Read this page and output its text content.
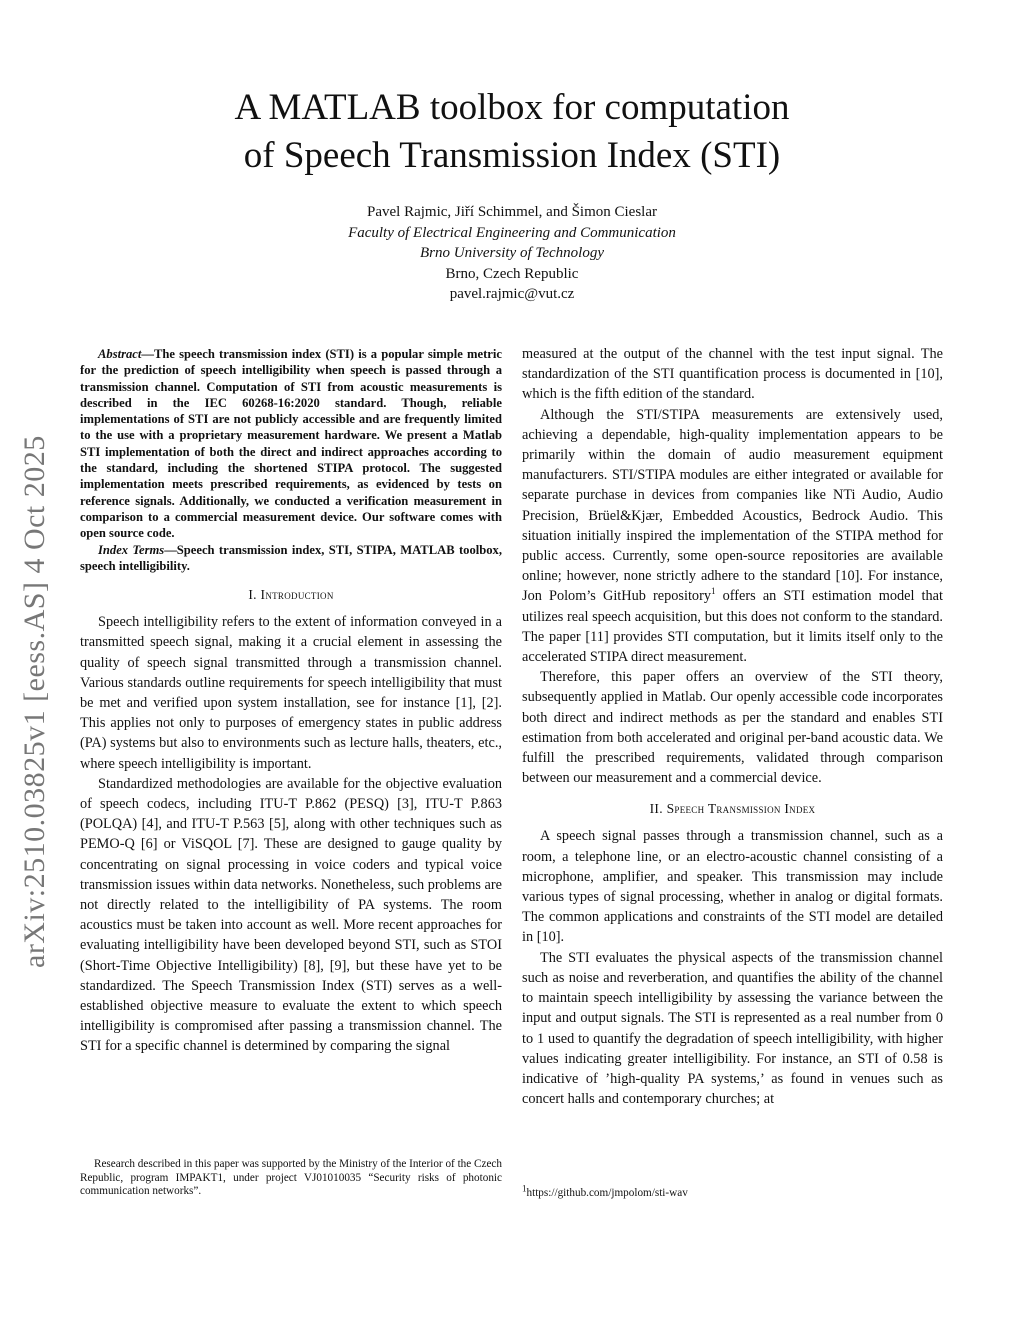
arXiv:2510.03825v1 [eess.AS] 4 Oct 2025
A MATLAB toolbox for computation
of Speech Transmission Index (STI)
Pavel Rajmic, Jiří Schimmel, and Šimon Cieslar
Faculty of Electrical Engineering and Communication
Brno University of Technology
Brno, Czech Republic
pavel.rajmic@vut.cz

Abstract—The speech transmission index (STI) is a popular simple metric for the prediction of speech intelligibility when speech is passed through a transmission channel. Computation of STI from acoustic measurements is described in the IEC 60268-16:2020 standard. Though, reliable implementations of STI are not publicly accessible and are frequently limited to the use with a proprietary measurement hardware. We present a Matlab STI implementation of both the direct and indirect approaches according to the standard, including the shortened STIPA protocol. The suggested implementation meets prescribed requirements, as evidenced by tests on reference signals. Additionally, we conducted a verification measurement in comparison to a commercial measurement device. Our software comes with open source code.

Index Terms—Speech transmission index, STI, STIPA, MATLAB toolbox, speech intelligibility.

I. Introduction

Speech intelligibility refers to the extent of information conveyed in a transmitted speech signal, making it a crucial element in assessing the quality of speech signal transmitted through a transmission channel. Various standards outline requirements for speech intelligibility that must be met and verified upon system installation, see for instance [1], [2]. This applies not only to purposes of emergency states in public address (PA) systems but also to environments such as lecture halls, theaters, etc., where speech intelligibility is important.

Standardized methodologies are available for the objective evaluation of speech codecs, including ITU-T P.862 (PESQ) [3], ITU-T P.863 (POLQA) [4], and ITU-T P.563 [5], along with other techniques such as PEMO-Q [6] or ViSQOL [7]. These are designed to gauge quality by concentrating on signal processing in voice coders and typical voice transmission issues within data networks. Nonetheless, such problems are not directly related to the intelligibility of PA systems. The room acoustics must be taken into account as well. More recent approaches for evaluating intelligibility have been developed beyond STI, such as STOI (Short-Time Objective Intelligibility) [8], [9], but these have yet to be standardized. The Speech Transmission Index (STI) serves as a well-established objective measure to evaluate the extent to which speech intelligibility is compromised after passing a transmission channel. The STI for a specific channel is determined by comparing the signal

Research described in this paper was supported by the Ministry of the Interior of the Czech Republic, program IMPAKT1, under project VJ01010035 “Security risks of photonic communication networks”.

measured at the output of the channel with the test input signal. The standardization of the STI quantification process is documented in [10], which is the fifth edition of the standard.

Although the STI/STIPA measurements are extensively used, achieving a dependable, high-quality implementation appears to be primarily within the domain of audio measurement equipment manufacturers. STI/STIPA modules are either integrated or available for separate purchase in devices from companies like NTi Audio, Audio Precision, Brüel&Kjær, Embedded Acoustics, Bedrock Audio. This situation initially inspired the implementation of the STIPA method for public access. Currently, some open-source repositories are available online; however, none strictly adhere to the standard [10]. For instance, Jon Polom’s GitHub repository$^1$ offers an STI estimation model that utilizes real speech acquisition, but this does not conform to the standard. The paper [11] provides STI computation, but it limits itself only to the accelerated STIPA direct measurement.

Therefore, this paper offers an overview of the STI theory, subsequently applied in Matlab. Our openly accessible code incorporates both direct and indirect methods as per the standard and enables STI estimation from both accelerated and original per-band acoustic data. We fulfill the prescribed requirements, validated through comparison between our measurement and a commercial device.

II. Speech Transmission Index

A speech signal passes through a transmission channel, such as a room, a telephone line, or an electro-acoustic channel consisting of a microphone, amplifier, and speaker. This transmission may include various types of signal processing, whether in analog or digital formats. The common applications and constraints of the STI model are detailed in [10].

The STI evaluates the physical aspects of the transmission channel such as noise and reverberation, and quantifies the ability of the channel to maintain speech intelligibility by assessing the variance between the input and output signals. The STI is represented as a real number from 0 to 1 used to quantify the degradation of speech intelligibility, with higher values indicating greater intelligibility. For instance, an STI of 0.58 is indicative of ’high-quality PA systems,’ as found in venues such as concert halls and contemporary churches; at

$^1$https://github.com/jmpolom/sti-wav
